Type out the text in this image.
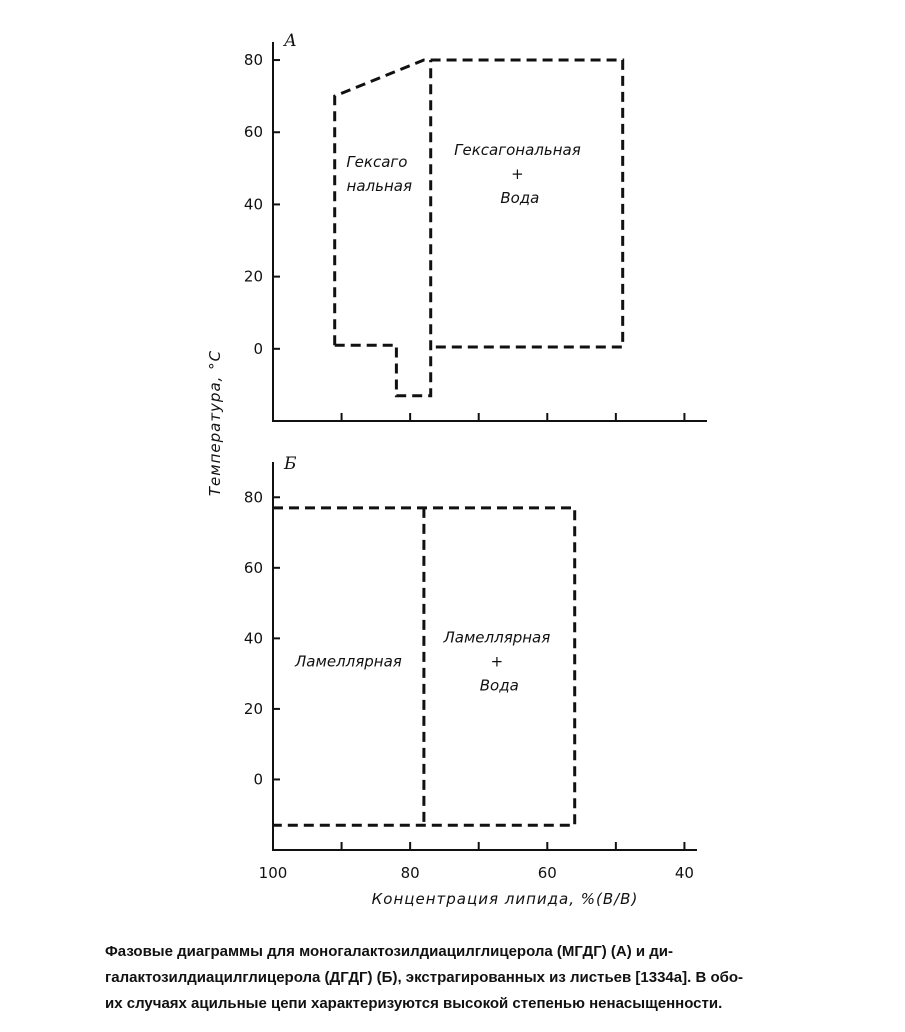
А
80
60
40
20
0
Гексаго нальная
Гексагональная + Вода
Температура, °С	Б
80
60
40
20
0
100	80	60	40
Ламеллярная
Ламеллярная + Вода
Концентрация липида, %(В/В)

Фазовые диаграммы для моногалактозилдиацилглицерола (МГДГ) (А) и ди-
галактозилдиацилглицерола (ДГДГ) (Б), экстрагированных из листьев [1334а]. В обо-
их случаях ацильные цепи характеризуются высокой степенью ненасыщенности.
